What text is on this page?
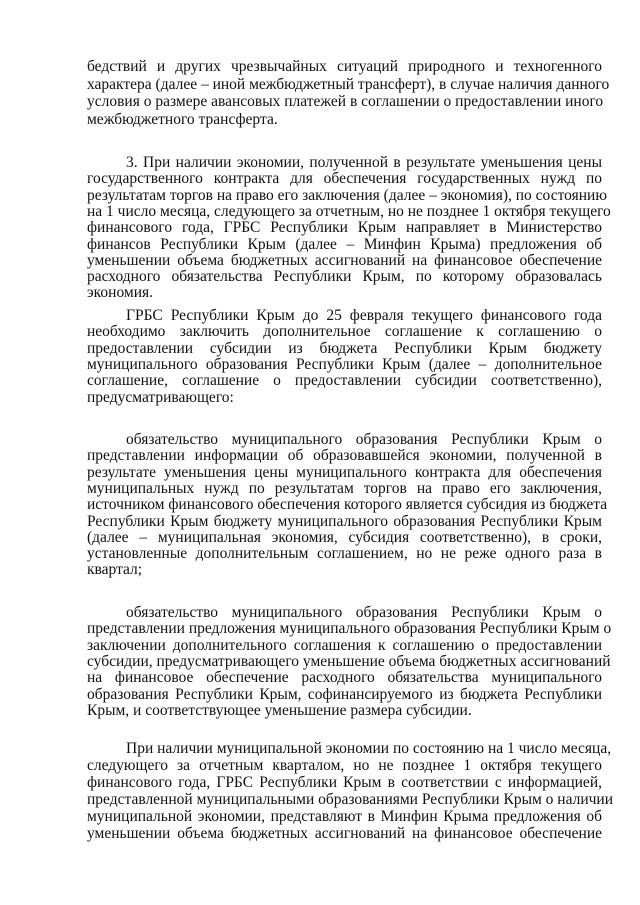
бедствий и других чрезвычайных ситуаций природного и техногенного
характера (далее – иной межбюджетный трансферт), в случае наличия данного
условия о размере авансовых платежей в соглашении о предоставлении иного
межбюджетного трансферта.
3. При наличии экономии, полученной в результате уменьшения цены
государственного контракта для обеспечения государственных нужд по
результатам торгов на право его заключения (далее – экономия), по состоянию
на 1 число месяца, следующего за отчетным, но не позднее 1 октября текущего
финансового года, ГРБС Республики Крым направляет в Министерство
финансов Республики Крым (далее – Минфин Крыма) предложения об
уменьшении объема бюджетных ассигнований на финансовое обеспечение
расходного обязательства Республики Крым, по которому образовалась
экономия.
ГРБС Республики Крым до 25 февраля текущего финансового года
необходимо заключить дополнительное соглашение к соглашению о
предоставлении субсидии из бюджета Республики Крым бюджету
муниципального образования Республики Крым (далее – дополнительное
соглашение, соглашение о предоставлении субсидии соответственно),
предусматривающего:
обязательство муниципального образования Республики Крым о
представлении информации об образовавшейся экономии, полученной в
результате уменьшения цены муниципального контракта для обеспечения
муниципальных нужд по результатам торгов на право его заключения,
источником финансового обеспечения которого является субсидия из бюджета
Республики Крым бюджету муниципального образования Республики Крым
(далее – муниципальная экономия, субсидия соответственно), в сроки,
установленные дополнительным соглашением, но не реже одного раза в
квартал;
обязательство муниципального образования Республики Крым о
представлении предложения муниципального образования Республики Крым о
заключении дополнительного соглашения к соглашению о предоставлении
субсидии, предусматривающего уменьшение объема бюджетных ассигнований
на финансовое обеспечение расходного обязательства муниципального
образования Республики Крым, софинансируемого из бюджета Республики
Крым, и соответствующее уменьшение размера субсидии.
При наличии муниципальной экономии по состоянию на 1 число месяца,
следующего за отчетным кварталом, но не позднее 1 октября текущего
финансового года, ГРБС Республики Крым в соответствии с информацией,
представленной муниципальными образованиями Республики Крым о наличии
муниципальной экономии, представляют в Минфин Крыма предложения об
уменьшении объема бюджетных ассигнований на финансовое обеспечение
